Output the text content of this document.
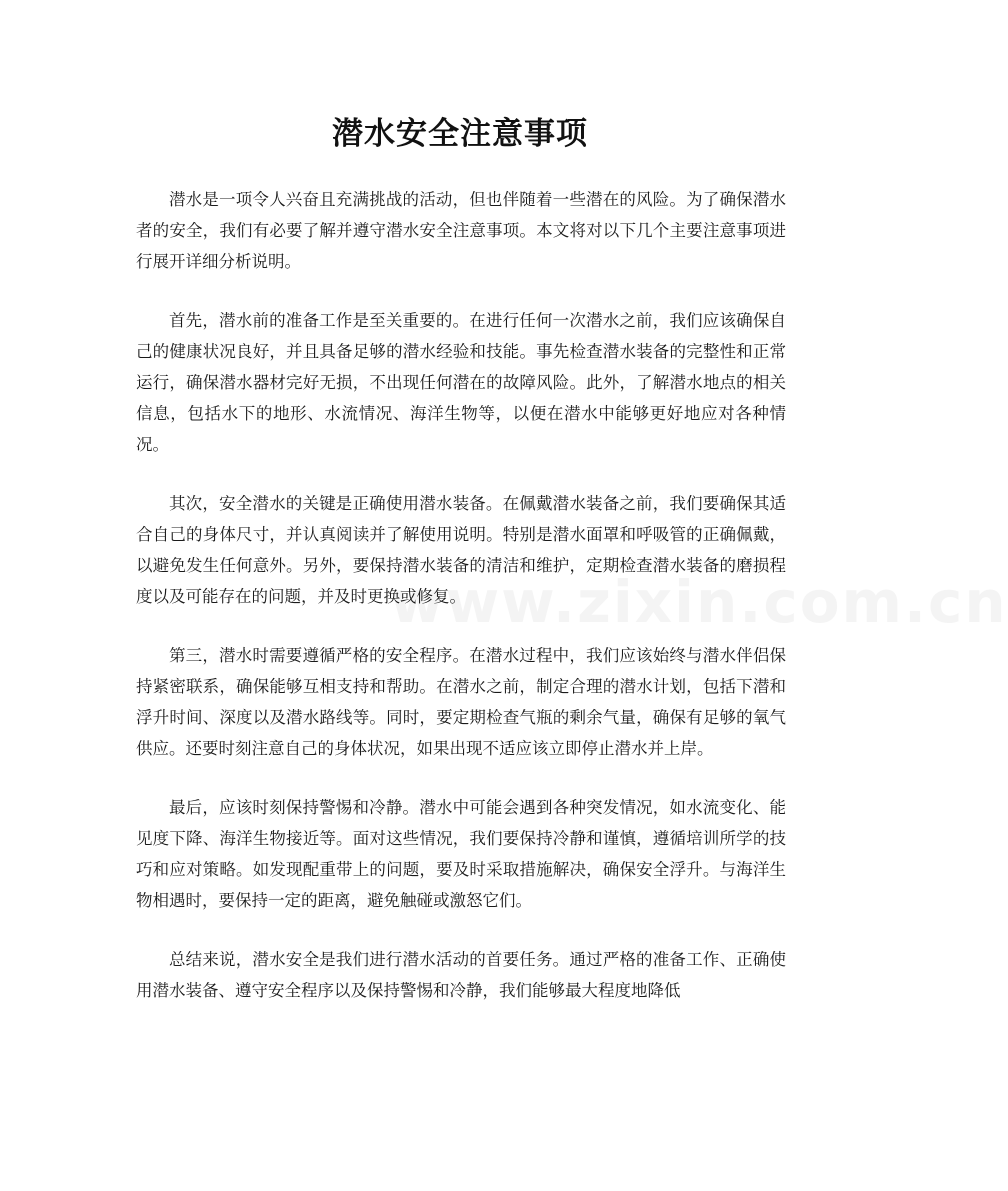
www.zixin.com.cn
潜水安全注意事项

潜水是一项令人兴奋且充满挑战的活动，但也伴随着一些潜在的风险。为了确保潜水者的安全，我们有必要了解并遵守潜水安全注意事项。本文将对以下几个主要注意事项进行展开详细分析说明。

首先，潜水前的准备工作是至关重要的。在进行任何一次潜水之前，我们应该确保自己的健康状况良好，并且具备足够的潜水经验和技能。事先检查潜水装备的完整性和正常运行，确保潜水器材完好无损，不出现任何潜在的故障风险。此外，了解潜水地点的相关信息，包括水下的地形、水流情况、海洋生物等，以便在潜水中能够更好地应对各种情况。

其次，安全潜水的关键是正确使用潜水装备。在佩戴潜水装备之前，我们要确保其适合自己的身体尺寸，并认真阅读并了解使用说明。特别是潜水面罩和呼吸管的正确佩戴，以避免发生任何意外。另外，要保持潜水装备的清洁和维护，定期检查潜水装备的磨损程度以及可能存在的问题，并及时更换或修复。

第三，潜水时需要遵循严格的安全程序。在潜水过程中，我们应该始终与潜水伴侣保持紧密联系，确保能够互相支持和帮助。在潜水之前，制定合理的潜水计划，包括下潜和浮升时间、深度以及潜水路线等。同时，要定期检查气瓶的剩余气量，确保有足够的氧气供应。还要时刻注意自己的身体状况，如果出现不适应该立即停止潜水并上岸。

最后，应该时刻保持警惕和冷静。潜水中可能会遇到各种突发情况，如水流变化、能见度下降、海洋生物接近等。面对这些情况，我们要保持冷静和谨慎，遵循培训所学的技巧和应对策略。如发现配重带上的问题，要及时采取措施解决，确保安全浮升。与海洋生物相遇时，要保持一定的距离，避免触碰或激怒它们。

总结来说，潜水安全是我们进行潜水活动的首要任务。通过严格的准备工作、正确使用潜水装备、遵守安全程序以及保持警惕和冷静，我们能够最大程度地降低
